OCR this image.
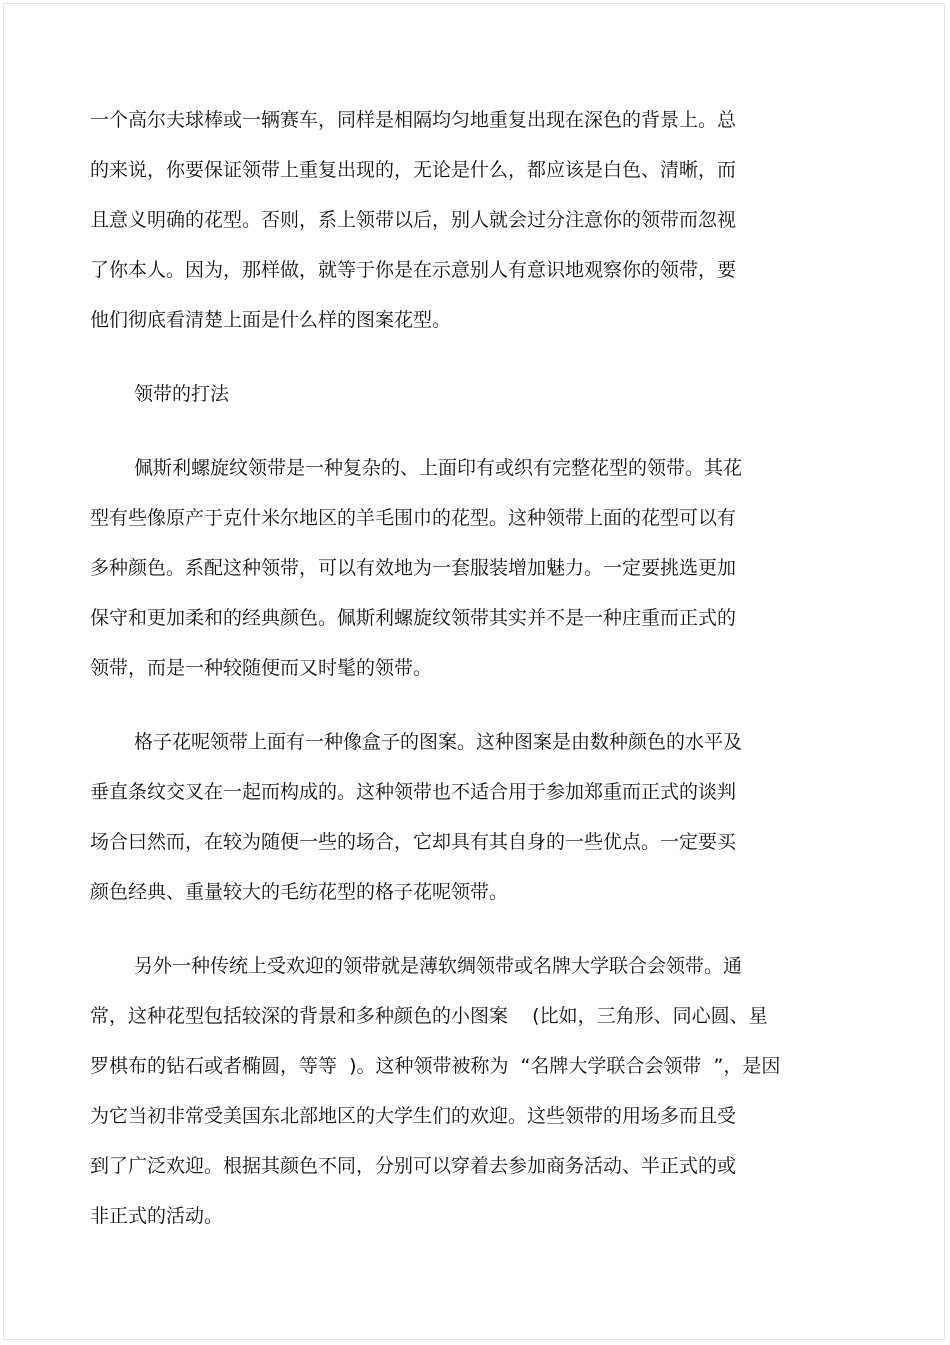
一个高尔夫球棒或一辆赛车，同样是相隔均匀地重复出现在深色的背景上。总
的来说，你要保证领带上重复出现的，无论是什么，都应该是白色、清晰，而
且意义明确的花型。否则，系上领带以后，别人就会过分注意你的领带而忽视
了你本人。因为，那样做，就等于你是在示意别人有意识地观察你的领带，要
他们彻底看清楚上面是什么样的图案花型。
领带的打法
佩斯利螺旋纹领带是一种复杂的、上面印有或织有完整花型的领带。其花
型有些像原产于克什米尔地区的羊毛围巾的花型。这种领带上面的花型可以有
多种颜色。系配这种领带，可以有效地为一套服装增加魅力。一定要挑选更加
保守和更加柔和的经典颜色。佩斯利螺旋纹领带其实并不是一种庄重而正式的
领带，而是一种较随便而又时髦的领带。
格子花呢领带上面有一种像盒子的图案。这种图案是由数种颜色的水平及
垂直条纹交叉在一起而构成的。这种领带也不适合用于参加郑重而正式的谈判
场合曰然而，在较为随便一些的场合，它却具有其自身的一些优点。一定要买
颜色经典、重量较大的毛纺花型的格子花呢领带。
另外一种传统上受欢迎的领带就是薄软绸领带或名牌大学联合会领带。通
常，这种花型包括较深的背景和多种颜色的小图案    (比如，三角形、同心圆、星
罗棋布的钻石或者椭圆，等等  )。这种领带被称为  “名牌大学联合会领带  ”，是因
为它当初非常受美国东北部地区的大学生们的欢迎。这些领带的用场多而且受
到了广泛欢迎。根据其颜色不同，分别可以穿着去参加商务活动、半正式的或
非正式的活动。
